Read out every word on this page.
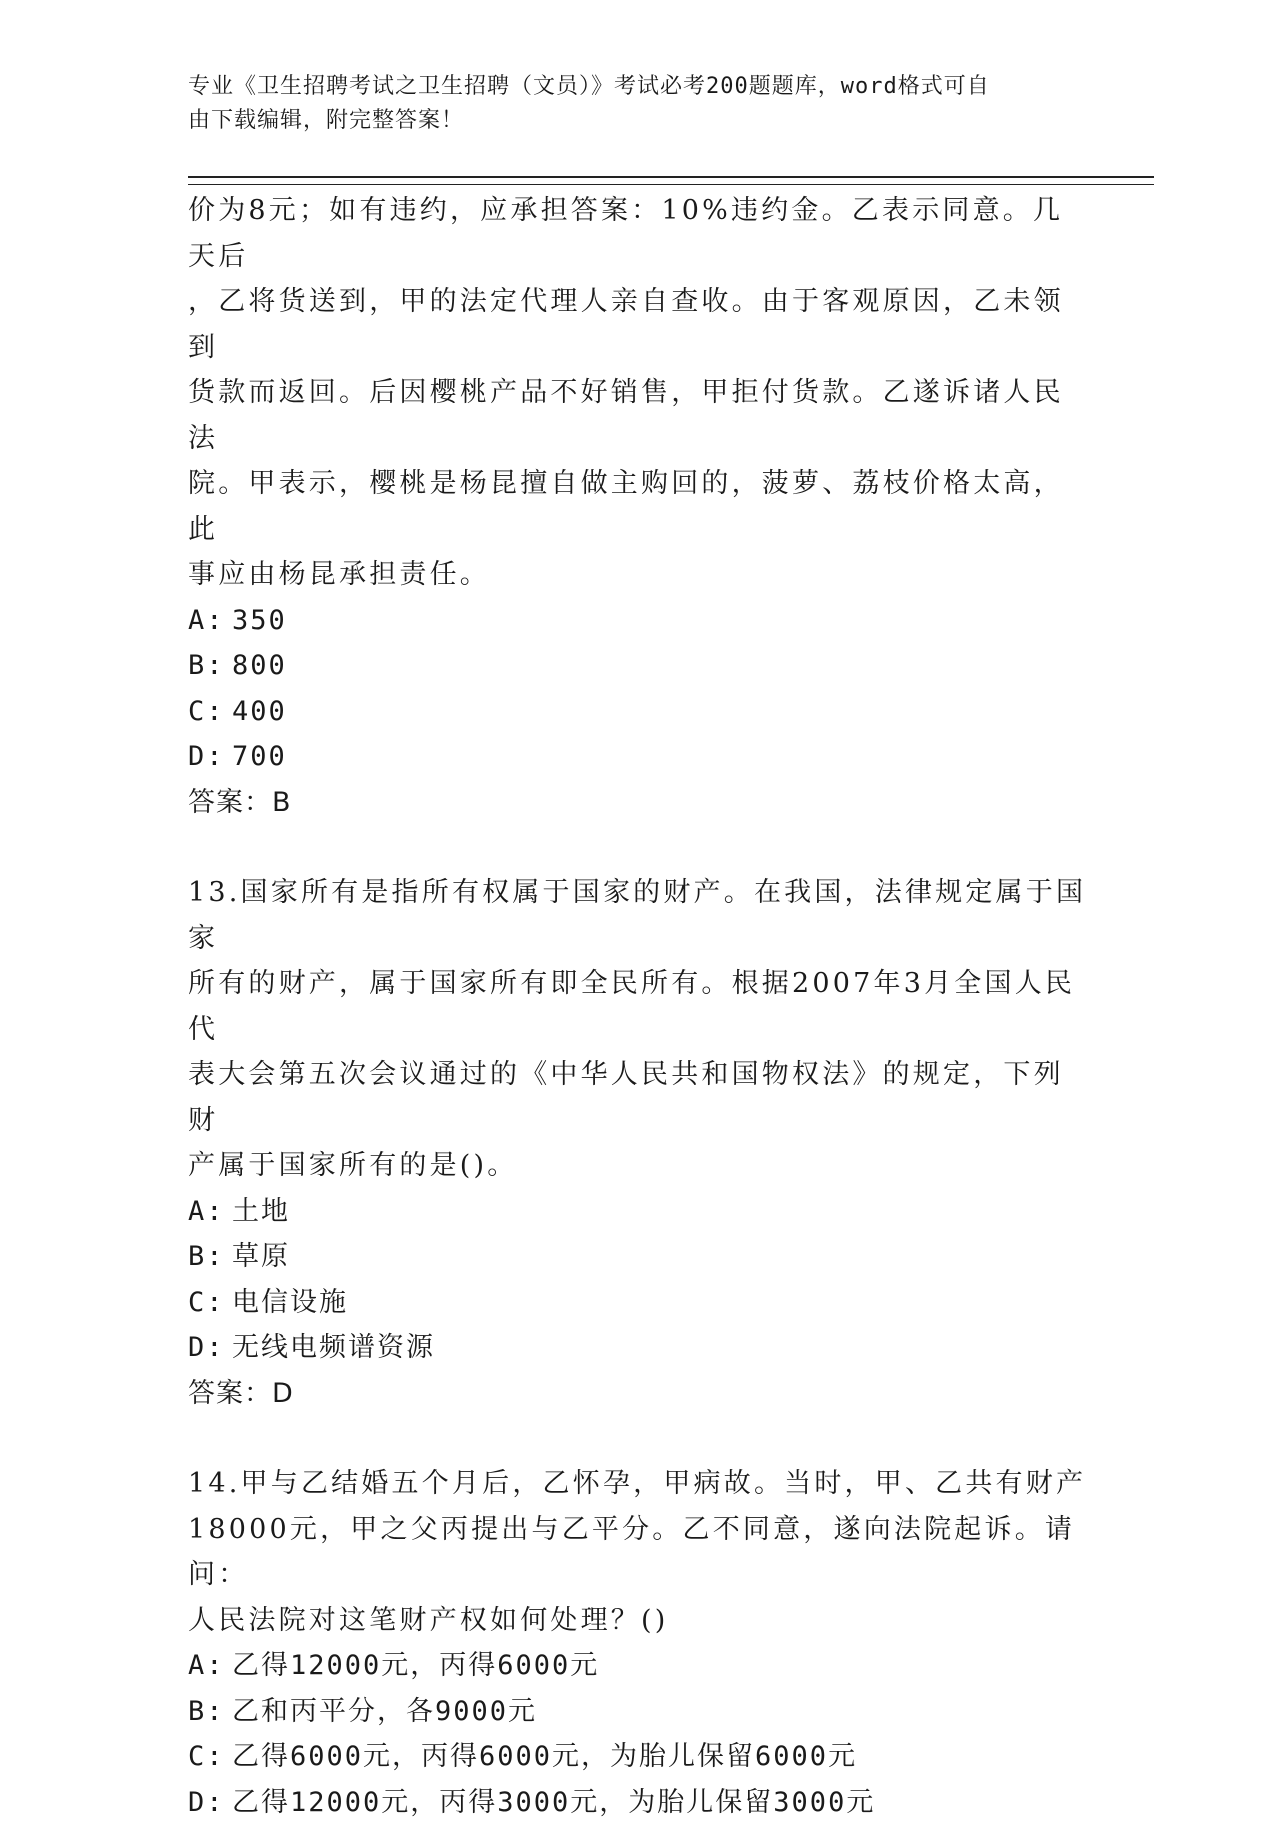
专业《卫生招聘考试之卫生招聘（文员）》考试必考200题题库，word格式可自
由下载编辑，附完整答案！

价为8元；如有违约，应承担答案：10%违约金。乙表示同意。几天后

，乙将货送到，甲的法定代理人亲自查收。由于客观原因，乙未领到

货款而返回。后因樱桃产品不好销售，甲拒付货款。乙遂诉诸人民法

院。甲表示，樱桃是杨昆擅自做主购回的，菠萝、荔枝价格太高，此

事应由杨昆承担责任。

A: 350

B: 800

C: 400

D: 700

答案：B

13.国家所有是指所有权属于国家的财产。在我国，法律规定属于国家

所有的财产，属于国家所有即全民所有。根据2007年3月全国人民代

表大会第五次会议通过的《中华人民共和国物权法》的规定，下列财

产属于国家所有的是()。

A: 土地

B: 草原

C: 电信设施

D: 无线电频谱资源

答案：D

14.甲与乙结婚五个月后，乙怀孕，甲病故。当时，甲、乙共有财产

18000元，甲之父丙提出与乙平分。乙不同意，遂向法院起诉。请问：

人民法院对这笔财产权如何处理？()

A: 乙得12000元，丙得6000元

B: 乙和丙平分，各9000元

C: 乙得6000元，丙得6000元，为胎儿保留6000元

D: 乙得12000元，丙得3000元，为胎儿保留3000元
